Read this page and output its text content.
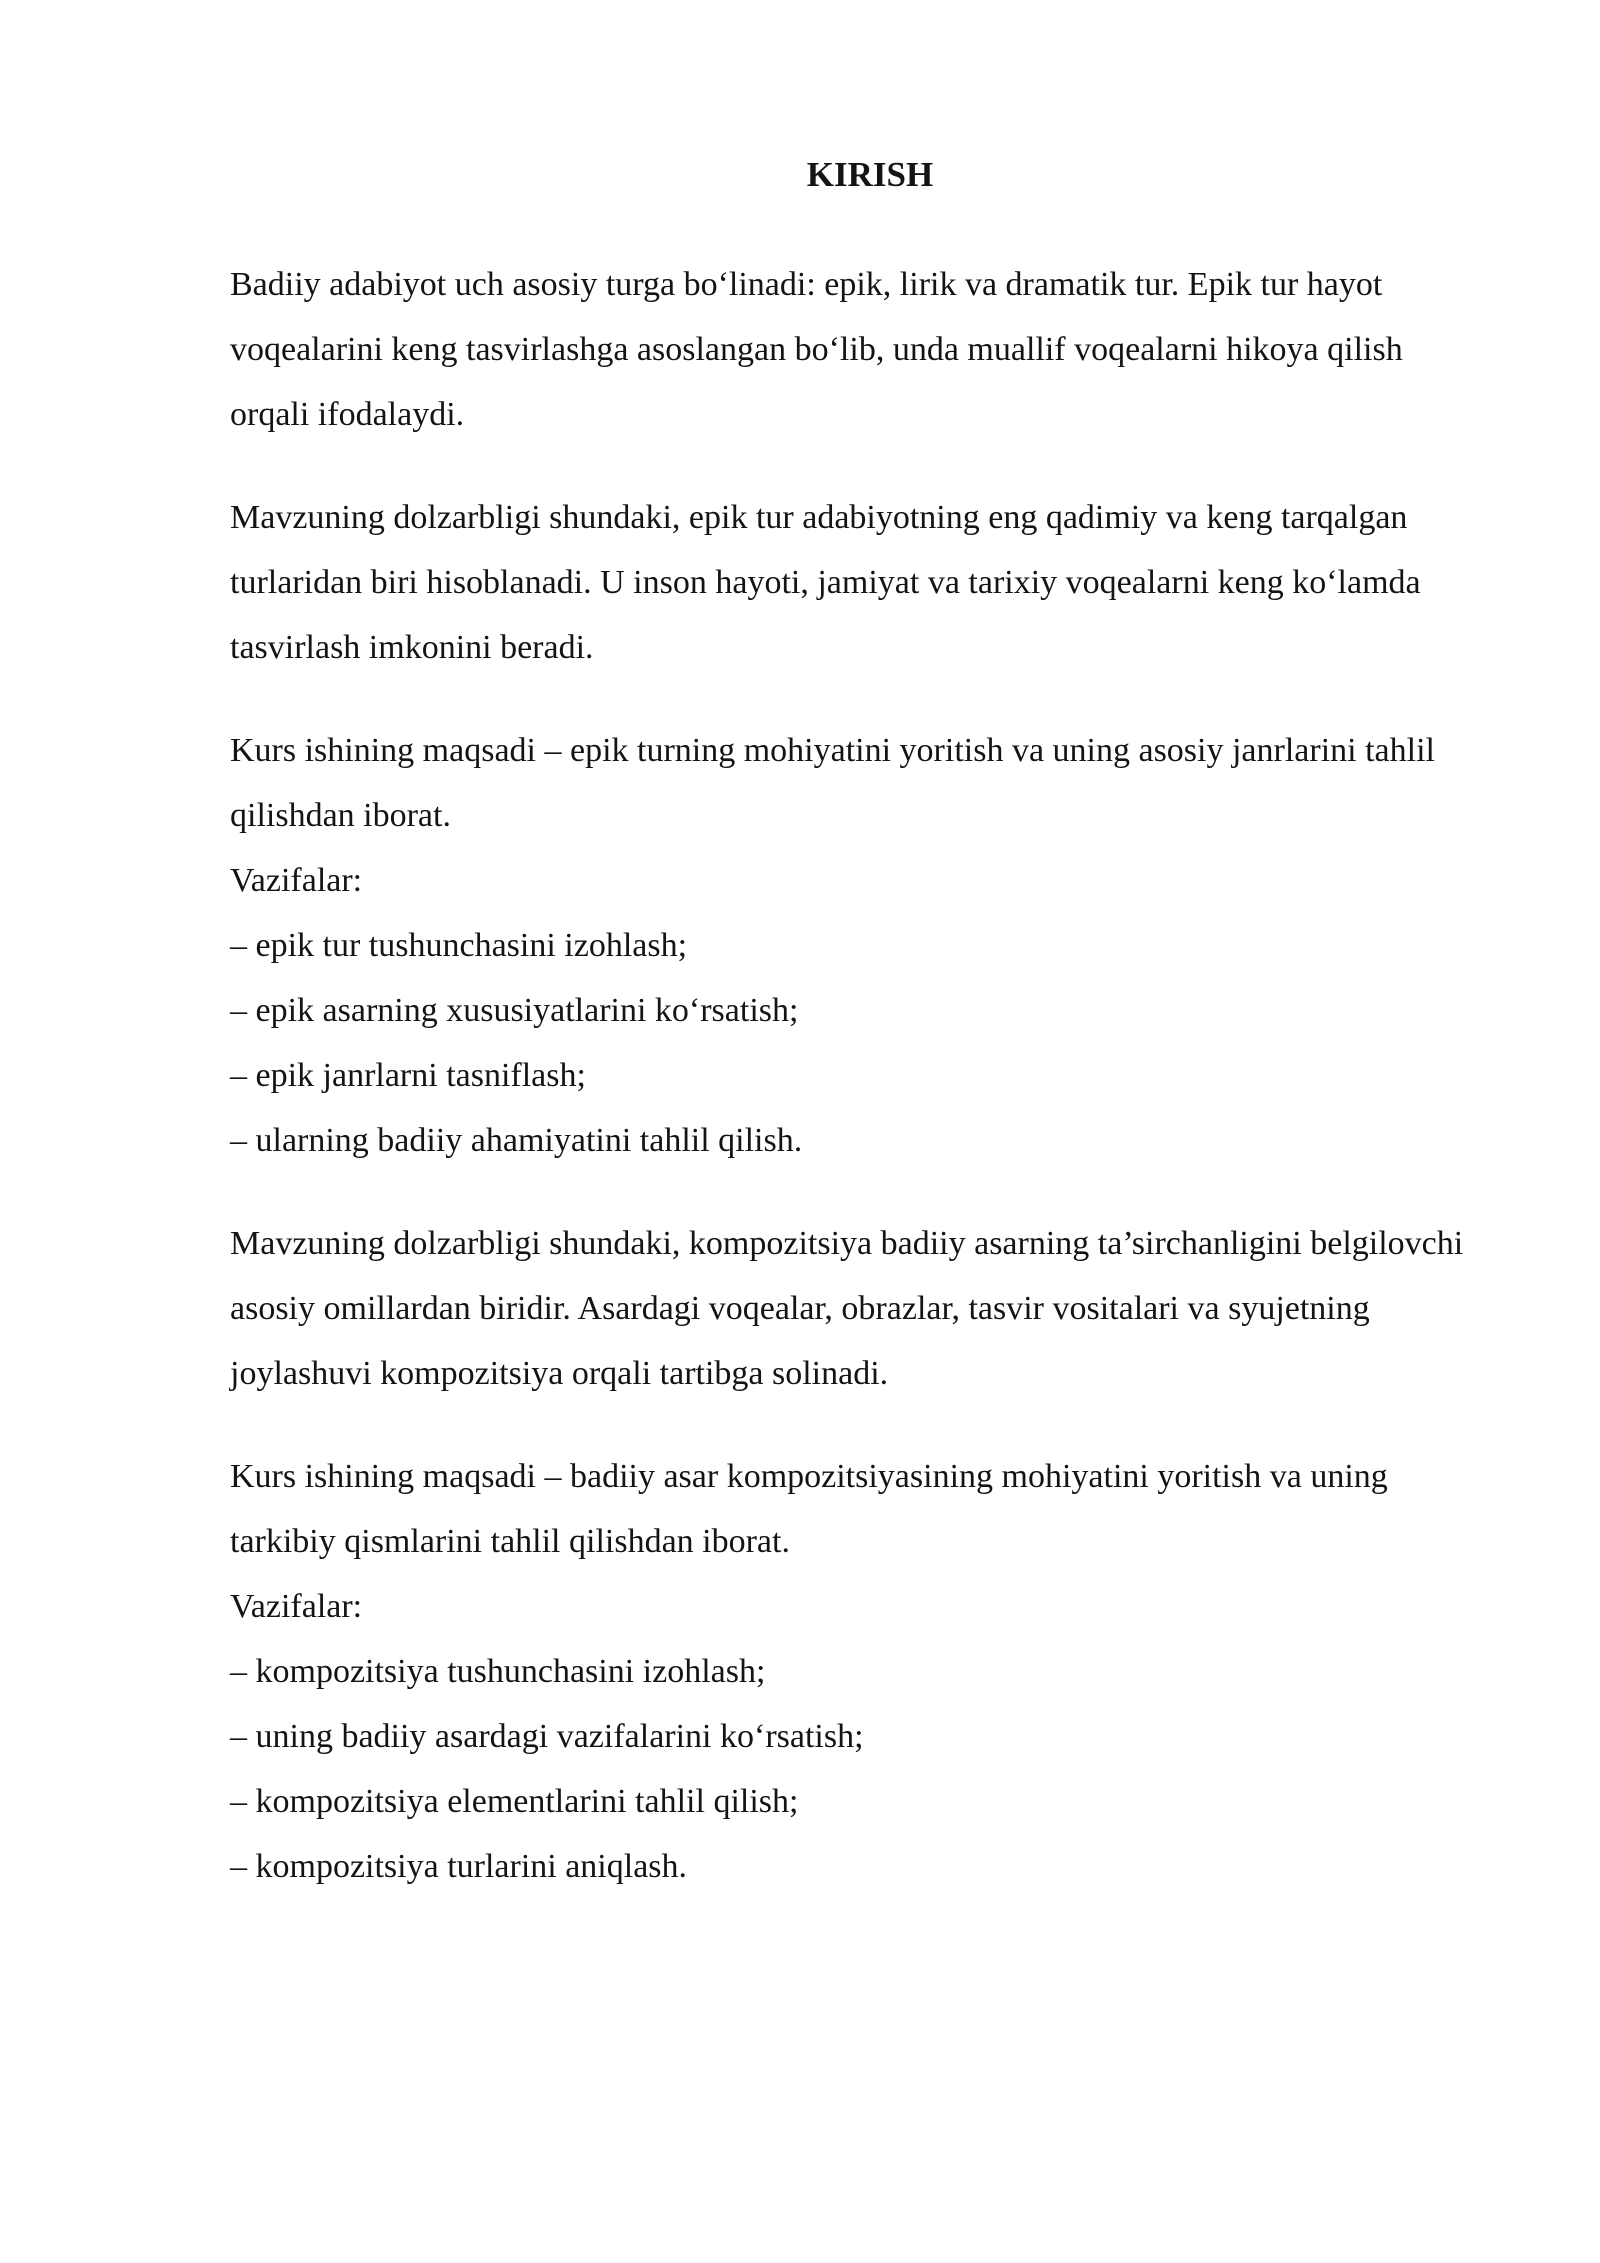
KIRISH

Badiiy adabiyot uch asosiy turga bo‘linadi: epik, lirik va dramatik tur. Epik tur hayot voqealarini keng tasvirlashga asoslangan bo‘lib, unda muallif voqealarni hikoya qilish orqali ifodalaydi.

Mavzuning dolzarbligi shundaki, epik tur adabiyotning eng qadimiy va keng tarqalgan turlaridan biri hisoblanadi. U inson hayoti, jamiyat va tarixiy voqealarni keng ko‘lamda tasvirlash imkonini beradi.

Kurs ishining maqsadi – epik turning mohiyatini yoritish va uning asosiy janrlarini tahlil qilishdan iborat.

Vazifalar:
– epik tur tushunchasini izohlash;
– epik asarning xususiyatlarini ko‘rsatish;
– epik janrlarni tasniflash;
– ularning badiiy ahamiyatini tahlil qilish.

Mavzuning dolzarbligi shundaki, kompozitsiya badiiy asarning ta’sirchanligini belgilovchi asosiy omillardan biridir. Asardagi voqealar, obrazlar, tasvir vositalari va syujetning joylashuvi kompozitsiya orqali tartibga solinadi.

Kurs ishining maqsadi – badiiy asar kompozitsiyasining mohiyatini yoritish va uning tarkibiy qismlarini tahlil qilishdan iborat.

Vazifalar:
– kompozitsiya tushunchasini izohlash;
– uning badiiy asardagi vazifalarini ko‘rsatish;
– kompozitsiya elementlarini tahlil qilish;
– kompozitsiya turlarini aniqlash.
